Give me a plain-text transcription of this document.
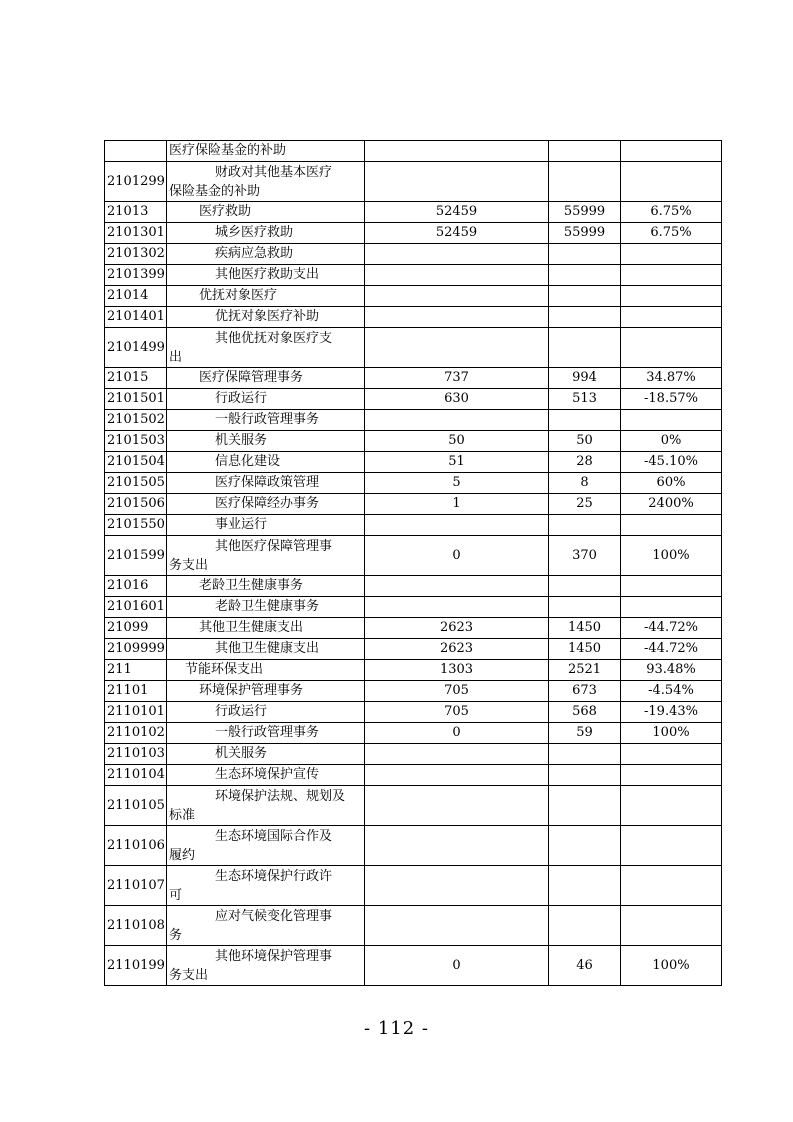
	医疗保险基金的补助			
2101299	财政对其他基本医疗
保险基金的补助			
21013	医疗救助	52459	55999	6.75%
2101301	城乡医疗救助	52459	55999	6.75%
2101302	疾病应急救助			
2101399	其他医疗救助支出			
21014	优抚对象医疗			
2101401	优抚对象医疗补助			
2101499	其他优抚对象医疗支
出			
21015	医疗保障管理事务	737	994	34.87%
2101501	行政运行	630	513	-18.57%
2101502	一般行政管理事务			
2101503	机关服务	50	50	0%
2101504	信息化建设	51	28	-45.10%
2101505	医疗保障政策管理	5	8	60%
2101506	医疗保障经办事务	1	25	2400%
2101550	事业运行			
2101599	其他医疗保障管理事
务支出	0	370	100%
21016	老龄卫生健康事务			
2101601	老龄卫生健康事务			
21099	其他卫生健康支出	2623	1450	-44.72%
2109999	其他卫生健康支出	2623	1450	-44.72%
211	节能环保支出	1303	2521	93.48%
21101	环境保护管理事务	705	673	-4.54%
2110101	行政运行	705	568	-19.43%
2110102	一般行政管理事务	0	59	100%
2110103	机关服务			
2110104	生态环境保护宣传			
2110105	环境保护法规、规划及
标准			
2110106	生态环境国际合作及
履约			
2110107	生态环境保护行政许
可			
2110108	应对气候变化管理事
务			
2110199	其他环境保护管理事
务支出	0	46	100%
- 112 -
